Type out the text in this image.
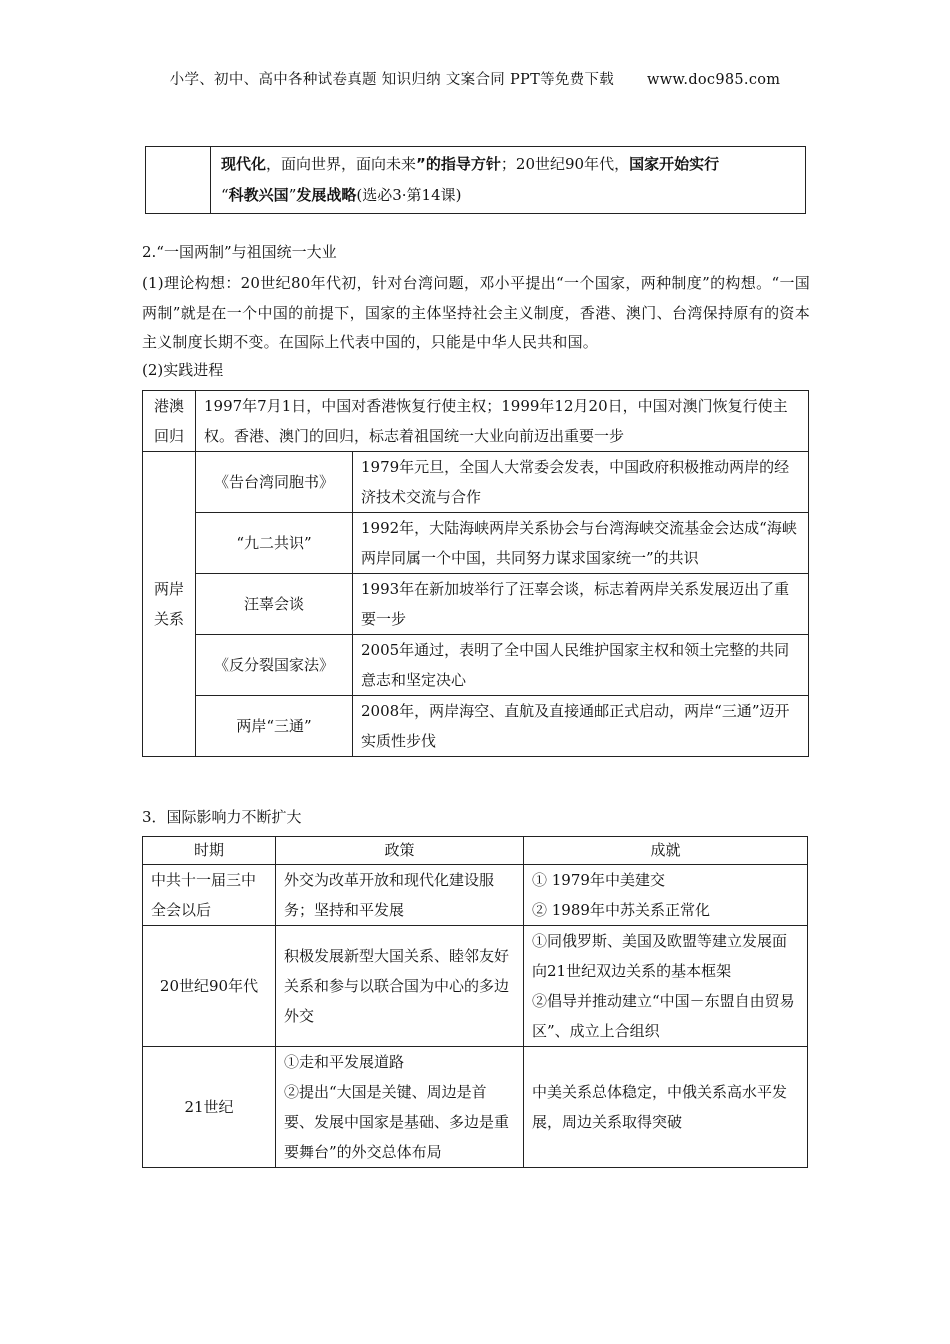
小学、初中、高中各种试卷真题 知识归纳 文案合同 PPT等免费下载 www.doc985.com

现代化，面向世界，面向未来”的指导方针；20世纪90年代，国家开始实行
“科教兴国”发展战略(选必3·第14课)
2.“一国两制”与祖国统一大业
(1)理论构想：20世纪80年代初，针对台湾问题，邓小平提出“一个国家，两种制度”的构想。“一国两制”就是在一个中国的前提下，国家的主体坚持社会主义制度，香港、澳门、台湾保持原有的资本主义制度长期不变。在国际上代表中国的，只能是中华人民共和国。
(2)实践进程
港澳回归	1997年7月1日，中国对香港恢复行使主权；1999年12月20日，中国对澳门恢复行使主权。香港、澳门的回归，标志着祖国统一大业向前迈出重要一步	
两岸关系	《告台湾同胞书》	1979年元旦，全国人大常委会发表，中国政府积极推动两岸的经济技术交流与合作
	“九二共识”	1992年，大陆海峡两岸关系协会与台湾海峡交流基金会达成“海峡两岸同属一个中国，共同努力谋求国家统一”的共识
	汪辜会谈	1993年在新加坡举行了汪辜会谈，标志着两岸关系发展迈出了重要一步
	《反分裂国家法》	2005年通过，表明了全中国人民维护国家主权和领土完整的共同意志和坚定决心
	两岸“三通”	2008年，两岸海空、直航及直接通邮正式启动，两岸“三通”迈开实质性步伐
3．国际影响力不断扩大
时期	政策	成就
中共十一届三中全会以后	外交为改革开放和现代化建设服务；坚持和平发展	① 1979年中美建交
② 1989年中苏关系正常化

20世纪90年代	积极发展新型大国关系、睦邻友好关系和参与以联合国为中心的多边外交	①同俄罗斯、美国及欧盟等建立发展面向21世纪双边关系的基本框架
②倡导并推动建立“中国－东盟自由贸易区”、成立上合组织

21世纪	①走和平发展道路
②提出“大国是关键、周边是首要、发展中国家是基础、多边是重要舞台”的外交总体布局	中美关系总体稳定，中俄关系高水平发展，周边关系取得突破
